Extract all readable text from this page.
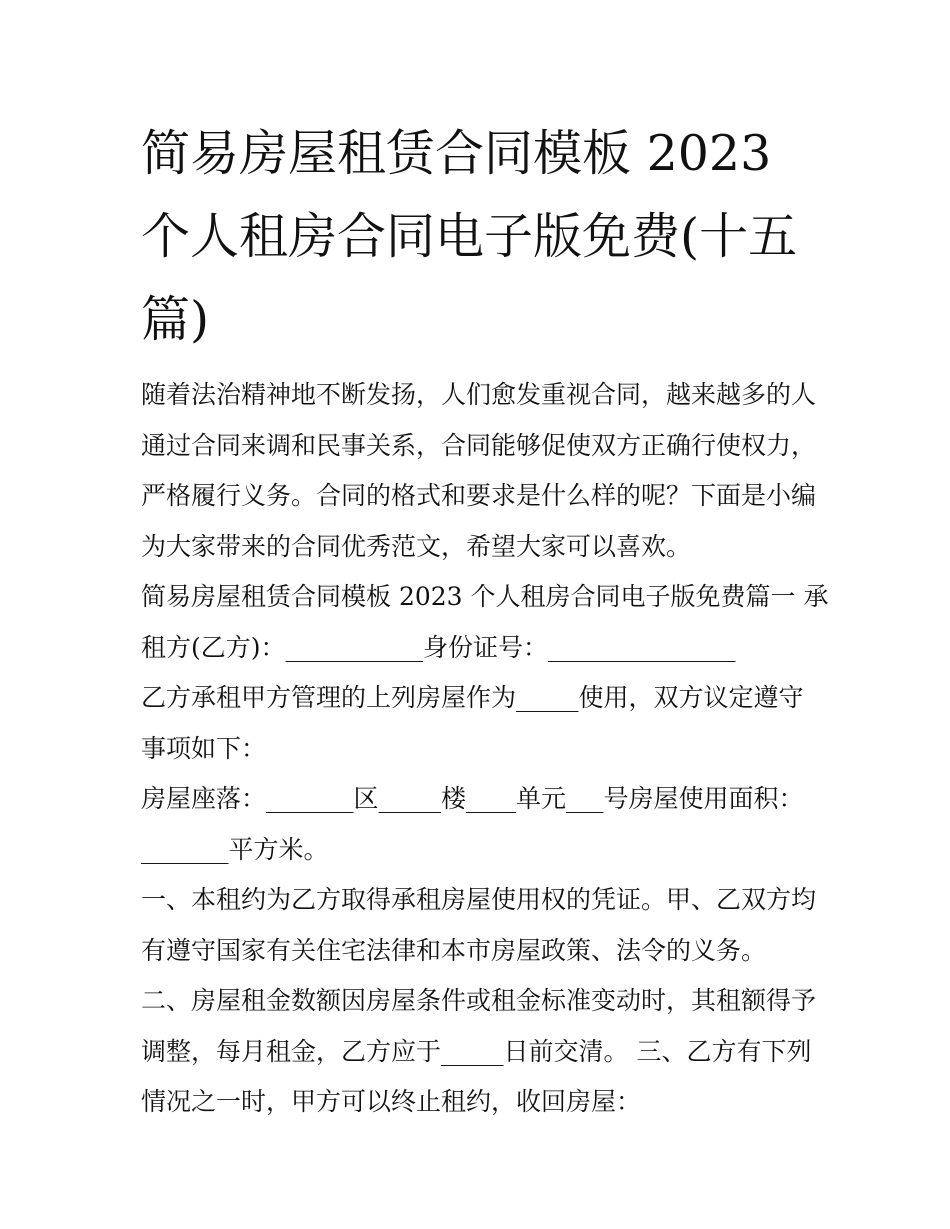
简易房屋租赁合同模板 2023
个人租房合同电子版免费(十五
篇)
随着法治精神地不断发扬，人们愈发重视合同，越来越多的人
通过合同来调和民事关系，合同能够促使双方正确行使权力，
严格履行义务。合同的格式和要求是什么样的呢？下面是小编
为大家带来的合同优秀范文，希望大家可以喜欢。
简易房屋租赁合同模板 2023 个人租房合同电子版免费篇一 承
租方(乙方)：___________身份证号：_______________
乙方承租甲方管理的上列房屋作为_____使用，双方议定遵守
事项如下：
房屋座落：_______区_____楼____单元___号房屋使用面积：
_______平方米。
一、本租约为乙方取得承租房屋使用权的凭证。甲、乙双方均
有遵守国家有关住宅法律和本市房屋政策、法令的义务。
二、房屋租金数额因房屋条件或租金标准变动时，其租额得予
调整，每月租金，乙方应于_____日前交清。 三、乙方有下列
情况之一时，甲方可以终止租约，收回房屋：
